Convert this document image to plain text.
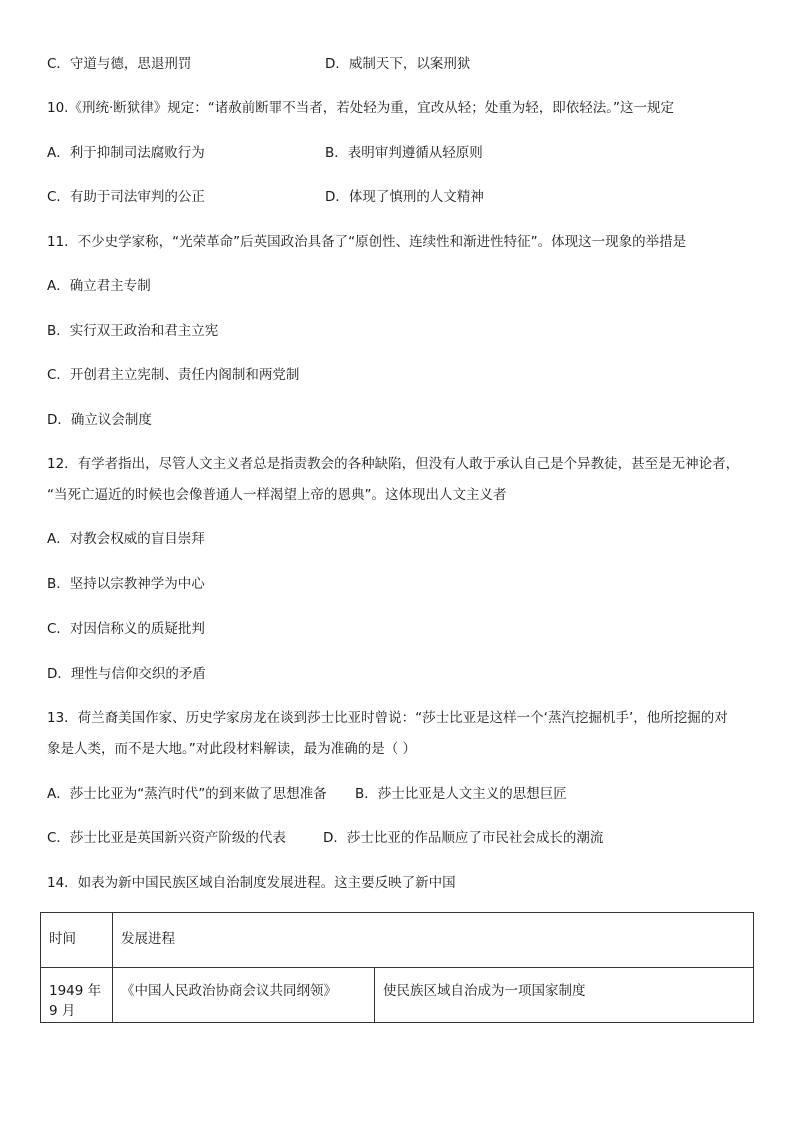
C．守道与德，思退刑罚	D．威制天下，以案刑狱
10.《刑统·断狱律》规定：“诸赦前断罪不当者，若处轻为重，宜改从轻；处重为轻，即依轻法。”这一规定
A．利于抑制司法腐败行为	B．表明审判遵循从轻原则
C．有助于司法审判的公正	D．体现了慎刑的人文精神
11．不少史学家称，“光荣革命”后英国政治具备了“原创性、连续性和渐进性特征”。体现这一现象的举措是
A．确立君主专制
B．实行双王政治和君主立宪
C．开创君主立宪制、责任内阁制和两党制
D．确立议会制度
12．有学者指出，尽管人文主义者总是指责教会的各种缺陷，但没有人敢于承认自己是个异教徒，甚至是无神论者，
“当死亡逼近的时候也会像普通人一样渴望上帝的恩典”。这体现出人文主义者
A．对教会权威的盲目崇拜
B．坚持以宗教神学为中心
C．对因信称义的质疑批判
D．理性与信仰交织的矛盾
13．荷兰裔美国作家、历史学家房龙在谈到莎士比亚时曾说：“莎士比亚是这样一个‘蒸汽挖掘机手’，他所挖掘的对
象是人类，而不是大地。”对此段材料解读，最为准确的是（ ）
A．莎士比亚为“蒸汽时代”的到来做了思想准备 B．莎士比亚是人文主义的思想巨匠
C．莎士比亚是英国新兴资产阶级的代表	D．莎士比亚的作品顺应了市民社会成长的潮流
14．如表为新中国民族区域自治制度发展进程。这主要反映了新中国
时间	发展进程	
1949 年 9 月	《中国人民政治协商会议共同纲领》	使民族区域自治成为一项国家制度
